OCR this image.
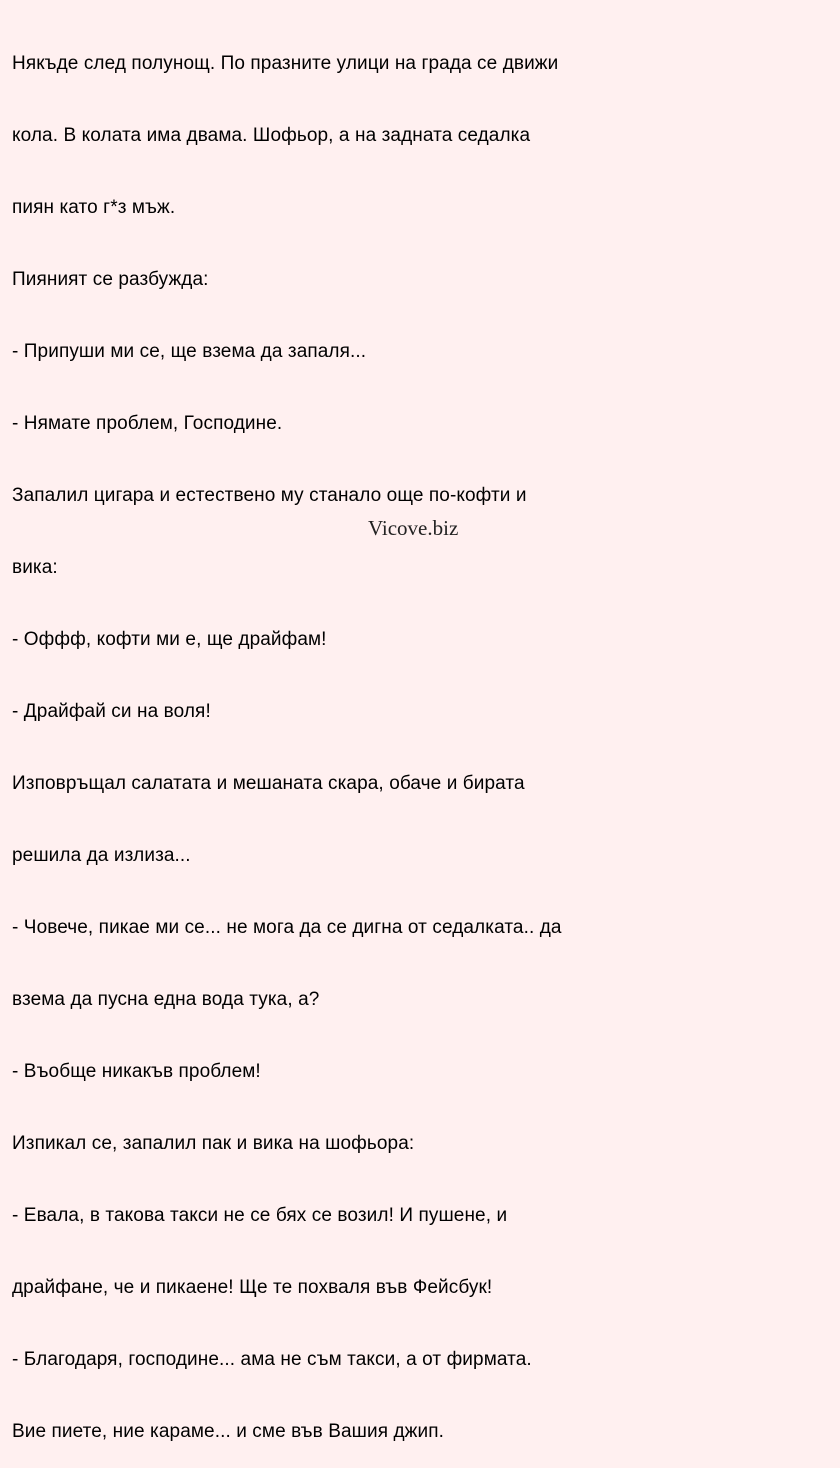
Някъде след полунощ. По празните улици на града се движи

кола. В колата има двама. Шофьор, а на задната седалка

пиян като г*з мъж.

Пияният се разбужда:

- Припуши ми се, ще взема да запаля...

- Нямате проблем, Господине.

Запалил цигара и естествено му станало още по-кофти и

вика:

- Оффф, кофти ми е, ще драйфам!

- Драйфай си на воля!

Изповръщал салатата и мешаната скара, обаче и бирата

решила да излиза...

- Човече, пикае ми се... не мога да се дигна от седалката.. да

взема да пусна една вода тука, а?

- Въобще никакъв проблем!

Изпикал се, запалил пак и вика на шофьора:

- Евала, в такова такси не се бях се возил! И пушене, и

драйфане, че и пикаене! Ще те похваля във Фейсбук!

- Благодаря, господине... ама не съм такси, а от фирмата.

Вие пиете, ние караме... и сме във Вашия джип.

Vicove.biz
